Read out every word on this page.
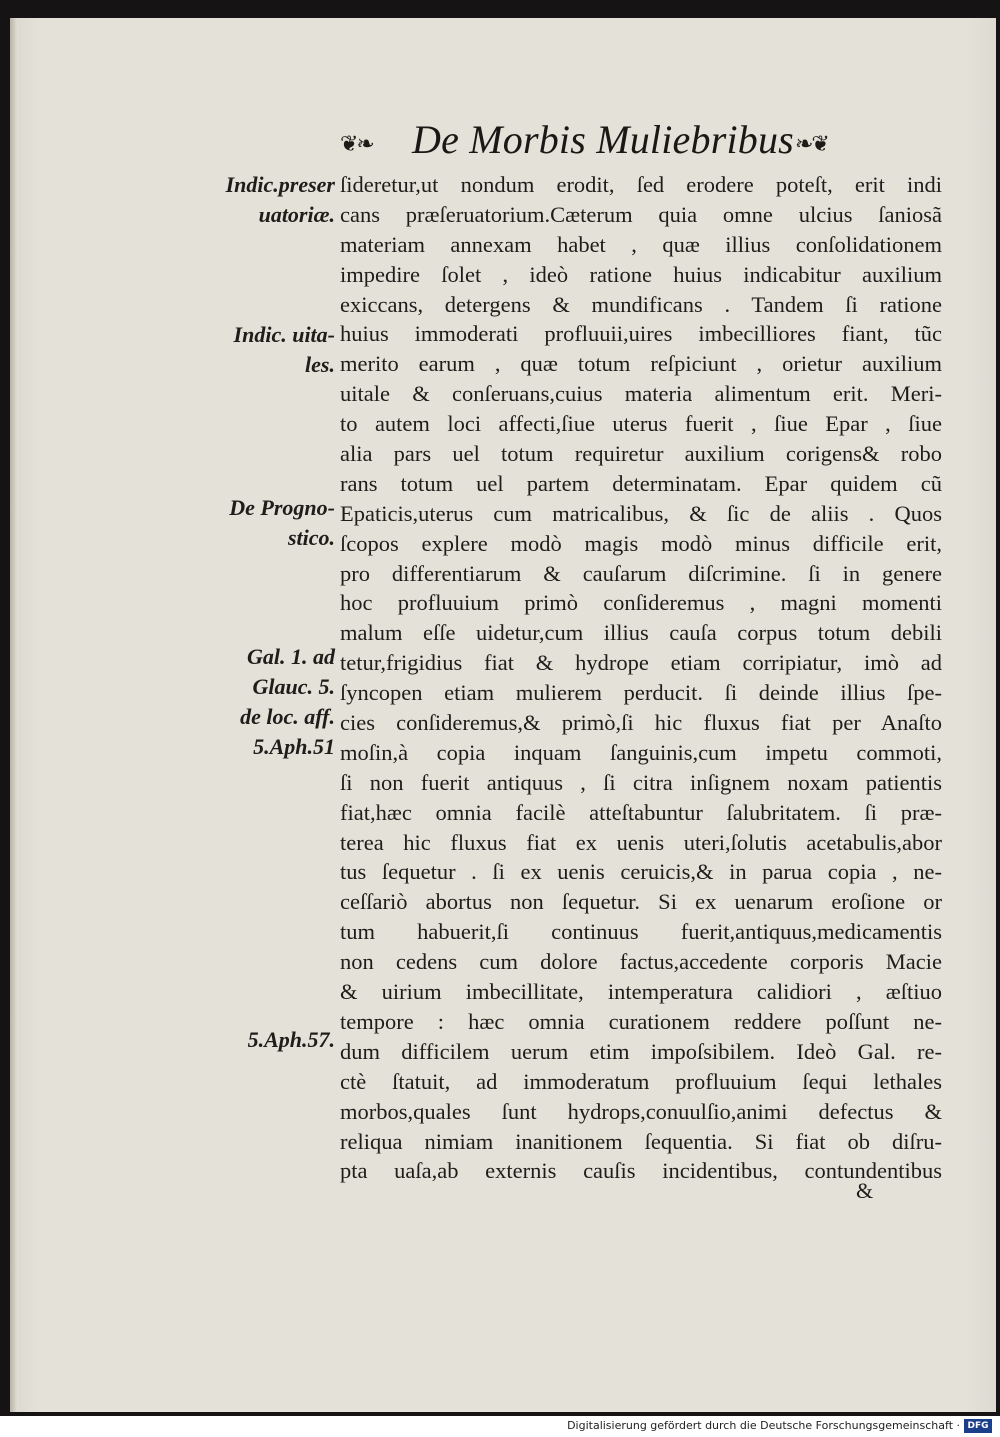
❦❧ De Morbis Muliebribus ❧❦
Indic.preser
uatoriæ.
Indic. uita-
les.
De Progno-
stico.
Gal. 1. ad
Glauc. 5.
de loc. aff.
5.Aph.51
5.Aph.57.
ſideretur,ut nondum erodit, ſed erodere poteſt, erit indi
cans præſeruatorium.Cæterum quia omne ulcius ſaniosã
materiam annexam habet , quæ illius conſolidationem
impedire ſolet , ideò ratione huius indicabitur auxilium
exiccans, detergens & mundificans . Tandem ſi ratione
huius immoderati profluuii,uires imbecilliores fiant, tũc
merito earum , quæ totum reſpiciunt , orietur auxilium
uitale & conſeruans,cuius materia alimentum erit. Meri-
to autem loci affecti,ſiue uterus fuerit , ſiue Epar , ſiue
alia pars uel totum requiretur auxilium corigens& robo
rans totum uel partem determinatam. Epar quidem cũ
Epaticis,uterus cum matricalibus, & ſic de aliis . Quos
ſcopos explere modò magis modò minus difficile erit,
pro differentiarum & cauſarum diſcrimine. ſi in genere
hoc profluuium primò conſideremus , magni momenti
malum eſſe uidetur,cum illius cauſa corpus totum debili
tetur,frigidius fiat & hydrope etiam corripiatur, imò ad
ſyncopen etiam mulierem perducit. ſi deinde illius ſpe-
cies conſideremus,& primò,ſi hic fluxus fiat per Anaſto
moſin,à copia inquam ſanguinis,cum impetu commoti,
ſi non fuerit antiquus , ſi citra inſignem noxam patientis
fiat,hæc omnia facilè atteſtabuntur ſalubritatem. ſi præ-
terea hic fluxus fiat ex uenis uteri,ſolutis acetabulis,abor
tus ſequetur . ſi ex uenis ceruicis,& in parua copia , ne-
ceſſariò abortus non ſequetur. Si ex uenarum eroſione or
tum habuerit,ſi continuus fuerit,antiquus,medicamentis
non cedens cum dolore factus,accedente corporis Macie
& uirium imbecillitate, intemperatura calidiori , æſtiuo
tempore : hæc omnia curationem reddere poſſunt ne-
dum difficilem uerum etim impoſsibilem. Ideò Gal. re-
ctè ſtatuit, ad immoderatum profluuium ſequi lethales
morbos,quales ſunt hydrops,conuulſio,animi defectus &
reliqua nimiam inanitionem ſequentia. Si fiat ob diſru-
pta uaſa,ab externis cauſis incidentibus, contundentibus
&
Digitalisierung gefördert durch die Deutsche Forschungsgemeinschaft · DFG
